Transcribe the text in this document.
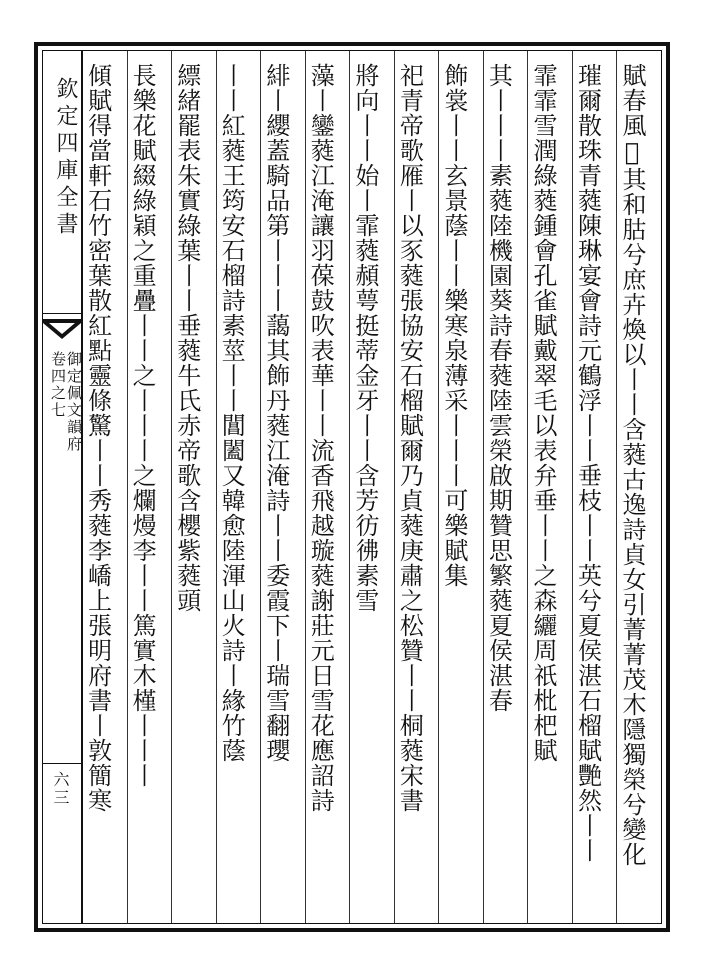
欽定四庫全書
御定佩文韻府
卷四之七
六三	賦春風𣆀其和𦙶兮庶卉煥以丨丨含蕤古逸詩貞女引菁菁茂木隱獨榮兮變化
璀爾散珠青蕤陳琳宴會詩元鶴浮丨丨垂枝丨丨英兮夏侯湛石榴賦艷然丨丨
霏霏雪潤綠蕤鍾會孔雀賦戴翠毛以表弁垂丨丨之森纚周祇枇杷賦
其丨丨丨素蕤陸機園葵詩春蕤陸雲榮啟期贊思繁蕤夏侯湛春
飾裳丨丨玄景蔭丨丨樂寒泉薄采丨丨丨可樂賦集
祀青帝歌雁丨以豕蕤張協安石榴賦爾乃貞蕤庚肅之松贊丨丨桐蕤宋書
將向丨丨始丨霏蕤頳萼挺蒂金牙丨丨含芳彷彿素雪
藻丨鑾蕤江淹讓羽葆鼓吹表華丨丨流香飛越璇蕤謝莊元日雪花應詔詩
緋丨纓蓋騎品第丨丨丨藹其飾丹蕤江淹詩丨丨委霞下丨瑞雪翻瓔
丨丨紅蕤王筠安石榴詩素莖丨丨閶闔又韓愈陸渾山火詩丨緣竹蔭
縹緒罷表朱實綠葉丨丨垂蕤牛氏赤帝歌含櫻紫蕤頭
長樂花賦綴綠穎之重疊丨丨之丨丨丨之爛熳李丨丨篤實木槿丨丨丨
傾賦得當軒石竹密葉散紅點靈條驚丨丨秀蕤李嶠上張明府書丨敦簡寒
